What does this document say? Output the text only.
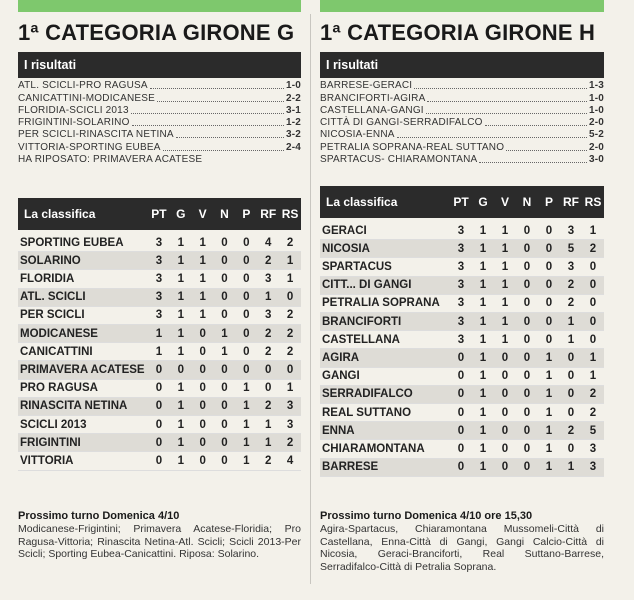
1ª CATEGORIA GIRONE G
I risultati
ATL. SCICLI-PRO RAGUSA	1-0
CANICATTINI-MODICANESE	2-2
FLORIDIA-SCICLI 2013	3-1
FRIGINTINI-SOLARINO	1-2
PER SCICLI-RINASCITA NETINA	3-2
VITTORIA-SPORTING EUBEA	2-4
HA RIPOSATO: PRIMAVERA ACATESE
La classifica	PT G	V	N	P RF RS
SPORTING EUBEA	3	1	1	0	0	4	2
SOLARINO	3	1	1	0	0	2	1
FLORIDIA	3	1	1	0	0	3	1
ATL. SCICLI	3	1	1	0	0	1	0
PER SCICLI	3	1	1	0	0	3	2
MODICANESE	1	1	0	1	0	2	2
CANICATTINI	1	1	0	1	0	2	2
PRIMAVERA ACATESE 0	0	0	0	0	0	0
PRO RAGUSA	0	1	0	0	1	0	1
RINASCITA NETINA	0	1	0	0	1	2	3
SCICLI 2013	0	1	0	0	1	1	3
FRIGINTINI	0	1	0	0	1	1	2
VITTORIA	0	1	0	0	1	2	4
Prossimo turno Domenica 4/10
Modicanese-Frigintini; Primavera Acatese-Floridia; Pro Ragusa-Vittoria; Rinascita Netina-Atl. Scicli; Scicli 2013-Per Scicli; Sporting Eubea-Canicattini. Riposa: Solarino.
1ª CATEGORIA GIRONE H
I risultati
BARRESE-GERACI	1-3
BRANCIFORTI-AGIRA	1-0
CASTELLANA-GANGI	1-0
CITTÀ DI GANGI-SERRADIFALCO	2-0
NICOSIA-ENNA	5-2
PETRALIA SOPRANA-REAL SUTTANO	2-0
SPARTACUS- CHIARAMONTANA	3-0
La classifica	PT G	V	N	P RF RS
GERACI	3	1	1	0	0	3	1
NICOSIA	3	1	1	0	0	5	2
SPARTACUS	3	1	1	0	0	3	0
CITT... DI GANGI	3	1	1	0	0	2	0
PETRALIA SOPRANA	3	1	1	0	0	2	0
BRANCIFORTI	3	1	1	0	0	1	0
CASTELLANA	3	1	1	0	0	1	0
AGIRA	0	1	0	0	1	0	1
GANGI	0	1	0	0	1	0	1
SERRADIFALCO	0	1	0	0	1	0	2
REAL SUTTANO	0	1	0	0	1	0	2
ENNA	0	1	0	0	1	2	5
CHIARAMONTANA	0	1	0	0	1	0	3
BARRESE	0	1	0	0	1	1	3
Prossimo turno Domenica 4/10 ore 15,30
Agira-Spartacus, Chiaramontana Mussomeli-Città di Castellana, Enna-Città di Gangi, Gangi Calcio-Città di Nicosia, Geraci-Branciforti, Real Suttano-Barrese, Serradifalco-Città di Petralia Soprana.
